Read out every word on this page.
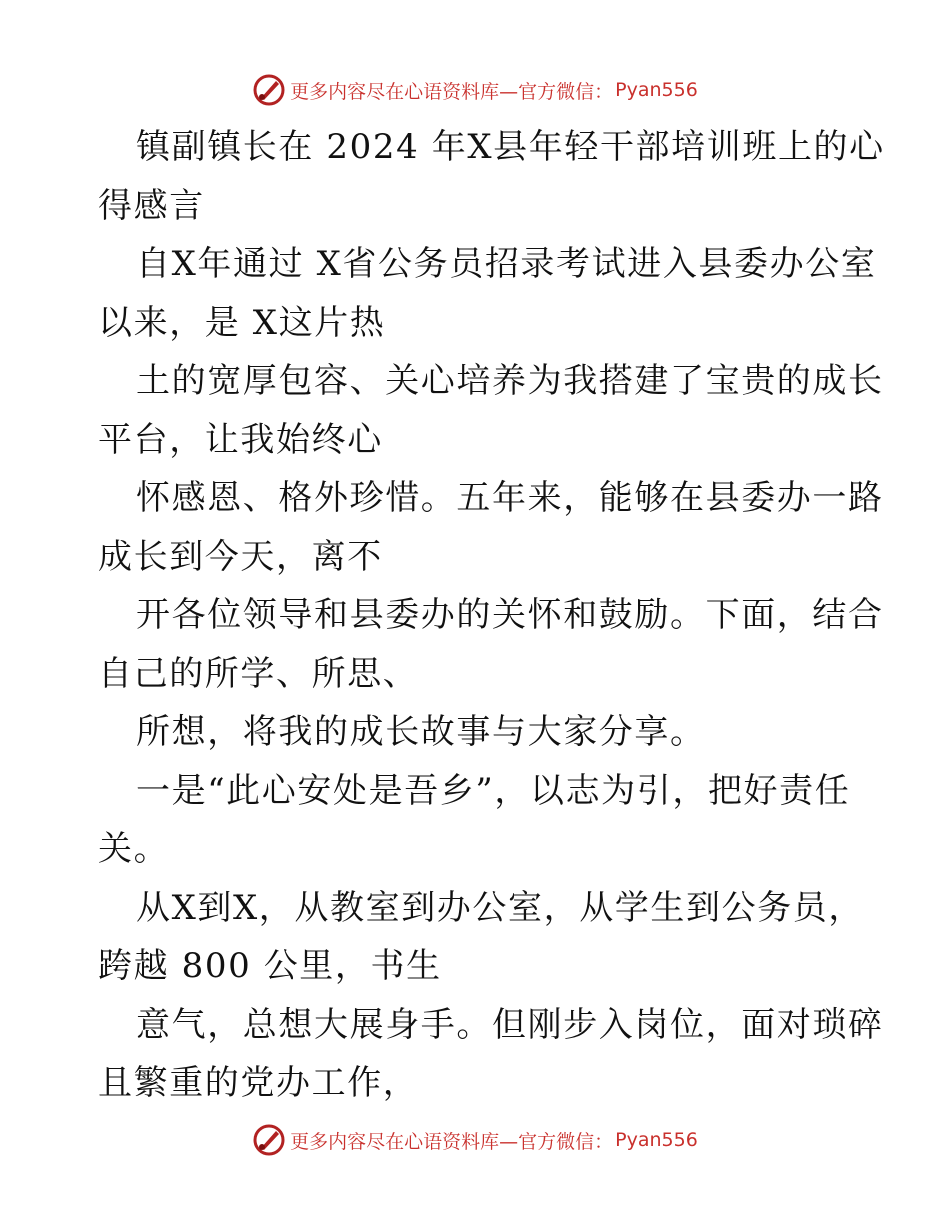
更多内容尽在心语资料库—官方微信： Pyan556
镇副镇长在 2024 年X县年轻干部培训班上的心
得感言
自X年通过 X省公务员招录考试进入县委办公室
以来，是 X这片热
土的宽厚包容、关心培养为我搭建了宝贵的成长
平台，让我始终心
怀感恩、格外珍惜。五年来，能够在县委办一路
成长到今天，离不
开各位领导和县委办的关怀和鼓励。下面，结合
自己的所学、所思、
所想，将我的成长故事与大家分享。
一是“此心安处是吾乡”，以志为引，把好责任
关。
从X到X，从教室到办公室，从学生到公务员，
跨越 800 公里，书生
意气，总想大展身手。但刚步入岗位，面对琐碎
且繁重的党办工作，
更多内容尽在心语资料库—官方微信： Pyan556
